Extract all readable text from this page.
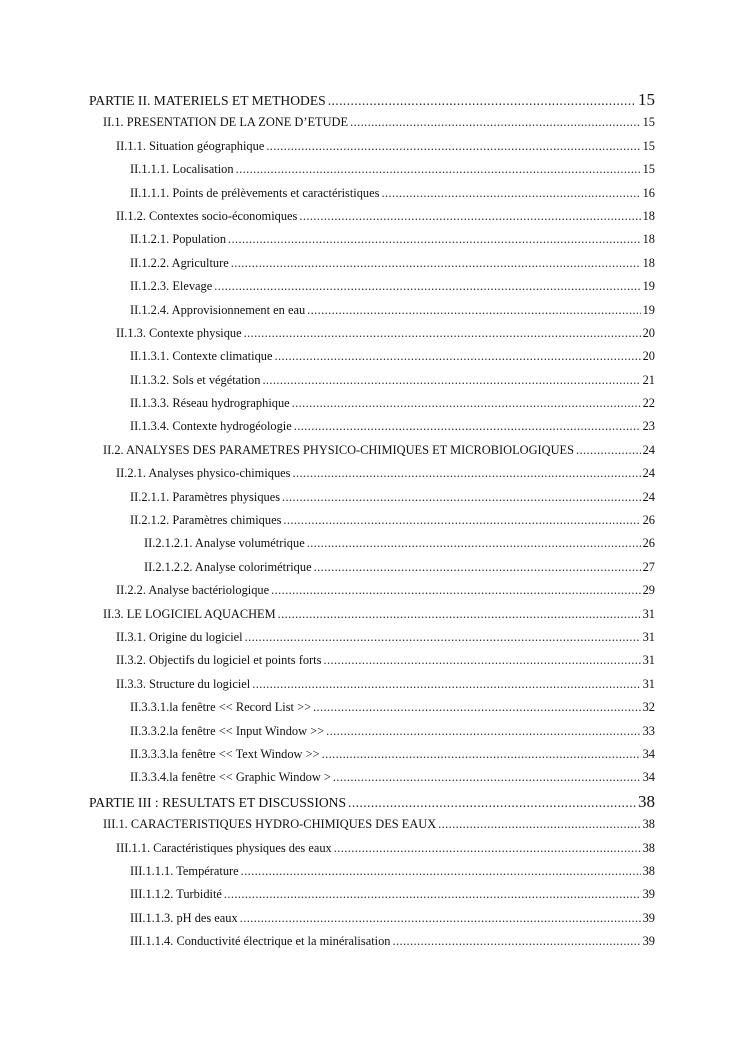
PARTIE II. MATERIELS ET METHODES .....	15
II.1. PRESENTATION DE LA ZONE D’ETUDE .....	15
II.1.1. Situation géographique .....	15
II.1.1.1. Localisation .....	15
II.1.1.1. Points de prélèvements et caractéristiques .....	16
II.1.2. Contextes socio-économiques .....	18
II.1.2.1. Population .....	18
II.1.2.2. Agriculture .....	18
II.1.2.3. Elevage .....	19
II.1.2.4. Approvisionnement en eau .....	19
II.1.3. Contexte physique .....	20
II.1.3.1. Contexte climatique .....	20
II.1.3.2. Sols et végétation .....	21
II.1.3.3. Réseau hydrographique .....	22
II.1.3.4. Contexte hydrogéologie .....	23
II.2. ANALYSES DES PARAMETRES PHYSICO-CHIMIQUES ET MICROBIOLOGIQUES .....	24
II.2.1. Analyses physico-chimiques .....	24
II.2.1.1. Paramètres physiques .....	24
II.2.1.2. Paramètres chimiques .....	26
II.2.1.2.1. Analyse volumétrique .....	26
II.2.1.2.2. Analyse colorimétrique .....	27
II.2.2. Analyse bactériologique .....	29
II.3. LE LOGICIEL AQUACHEM .....	31
II.3.1. Origine du logiciel .....	31
II.3.2. Objectifs du logiciel et points forts .....	31
II.3.3. Structure du logiciel .....	31
II.3.3.1.la fenêtre << Record List >> .....	32
II.3.3.2.la fenêtre << Input Window >> .....	33
II.3.3.3.la fenêtre << Text Window >> .....	34
II.3.3.4.la fenêtre << Graphic Window > .....	34
PARTIE III : RESULTATS ET DISCUSSIONS .....	38
III.1. CARACTERISTIQUES HYDRO-CHIMIQUES DES EAUX .....	38
III.1.1. Caractéristiques physiques des eaux .....	38
III.1.1.1. Température .....	38
III.1.1.2. Turbidité .....	39
III.1.1.3. pH des eaux .....	39
III.1.1.4. Conductivité électrique et la minéralisation .....	39
